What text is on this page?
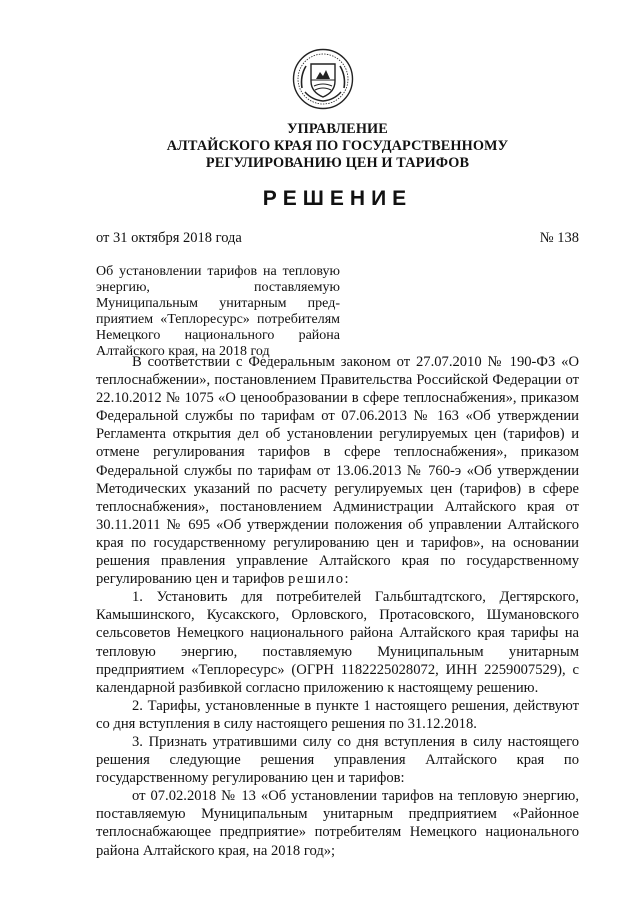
УПРАВЛЕНИЕ
АЛТАЙСКОГО КРАЯ ПО ГОСУДАРСТВЕННОМУ
РЕГУЛИРОВАНИЮ ЦЕН И ТАРИФОВ
РЕШЕНИЕ
от 31 октября 2018 года	№ 138
Об установлении тарифов на тепловую энергию, поставляемую Муниципальным унитарным предприятием «Теплоресурс» потребителям Немецкого национального района Алтайского края, на 2018 год

В соответствии с Федеральным законом от 27.07.2010 № 190-ФЗ «О теплоснабжении», постановлением Правительства Российской Федерации от 22.10.2012 № 1075 «О ценообразовании в сфере теплоснабжения», приказом Федеральной службы по тарифам от 07.06.2013 № 163 «Об утверждении Регламента открытия дел об установлении регулируемых цен (тарифов) и отмене регулирования тарифов в сфере теплоснабжения», приказом Федеральной службы по тарифам от 13.06.2013 № 760-э «Об утверждении Методических указаний по расчету регулируемых цен (тарифов) в сфере теплоснабжения», постановлением Администрации Алтайского края от 30.11.2011 № 695 «Об утверждении положения об управлении Алтайского края по государственному регулированию цен и тарифов», на основании решения правления управление Алтайского края по государственному регулированию цен и тарифов решило:

1. Установить для потребителей Гальбштадтского, Дегтярского, Камышинского, Кусакского, Орловского, Протасовского, Шумановского сельсоветов Немецкого национального района Алтайского края тарифы на тепловую энергию, поставляемую Муниципальным унитарным предприятием «Теплоресурс» (ОГРН 1182225028072, ИНН 2259007529), с календарной разбивкой согласно приложению к настоящему решению.

2. Тарифы, установленные в пункте 1 настоящего решения, действуют со дня вступления в силу настоящего решения по 31.12.2018.

3. Признать утратившими силу со дня вступления в силу настоящего решения следующие решения управления Алтайского края по государственному регулированию цен и тарифов:

от 07.02.2018 № 13 «Об установлении тарифов на тепловую энергию, поставляемую Муниципальным унитарным предприятием «Районное теплоснабжающее предприятие» потребителям Немецкого национального района Алтайского края, на 2018 год»;
